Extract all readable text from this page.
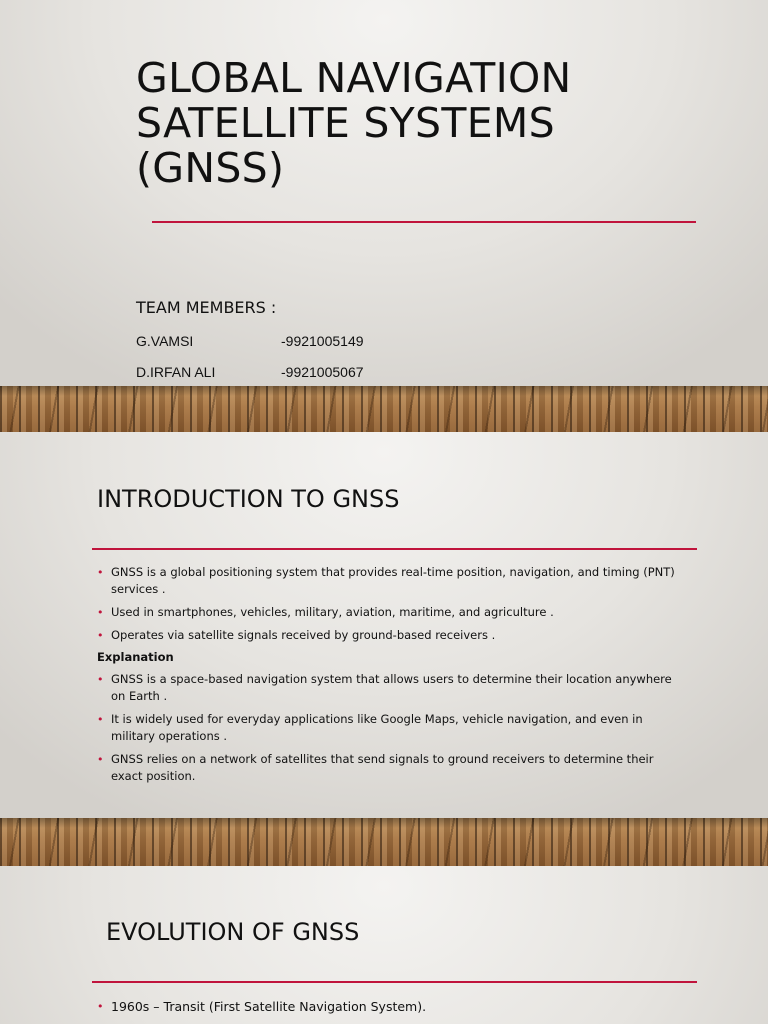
GLOBAL NAVIGATION
SATELLITE SYSTEMS
(GNSS)
TEAM MEMBERS :
G.VAMSI	-9921005149
D.IRFAN ALI	-9921005067
INTRODUCTION TO GNSS
• GNSS is a global positioning system that provides real-time position, navigation, and timing (PNT) services .
• Used in smartphones, vehicles, military, aviation, maritime, and agriculture .
• Operates via satellite signals received by ground-based receivers .
Explanation
• GNSS is a space-based navigation system that allows users to determine their location anywhere on Earth .
• It is widely used for everyday applications like Google Maps, vehicle navigation, and even in military operations .
• GNSS relies on a network of satellites that send signals to ground receivers to determine their exact position.
EVOLUTION OF GNSS
• 1960s – Transit (First Satellite Navigation System).
